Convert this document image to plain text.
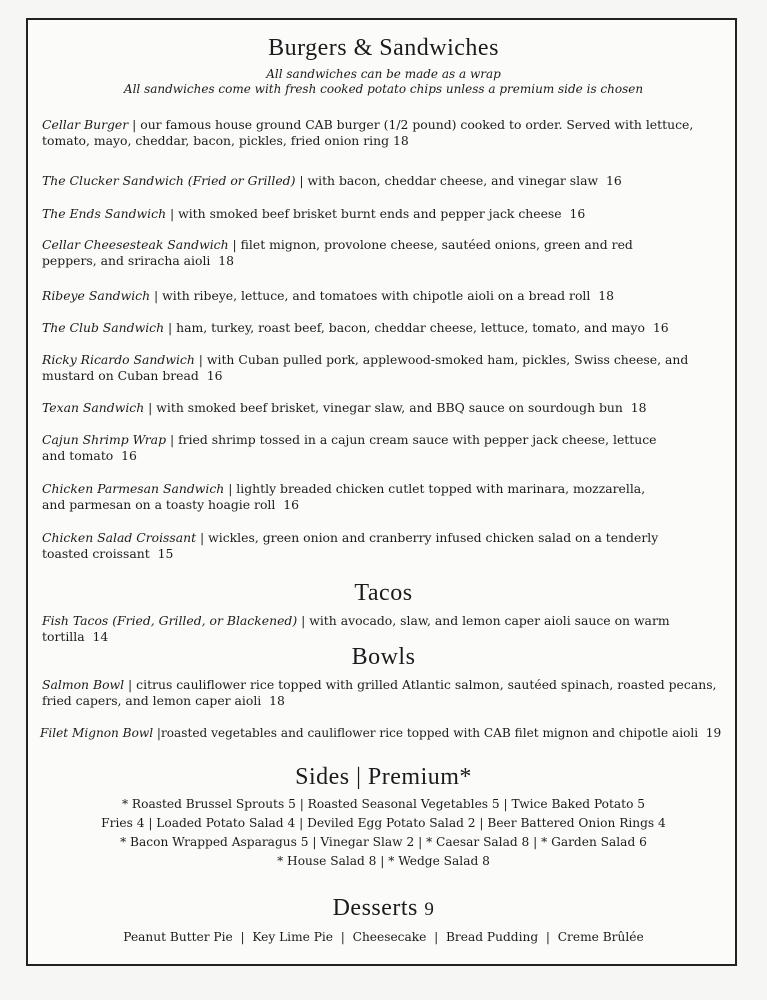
Burgers & Sandwiches

All sandwiches can be made as a wrap

All sandwiches come with fresh cooked potato chips unless a premium side is chosen

Cellar Burger | our famous house ground CAB burger (1/2 pound) cooked to order. Served with lettuce, tomato, mayo, cheddar, bacon, pickles, fried onion ring 18

The Clucker Sandwich (Fried or Grilled) | with bacon, cheddar cheese, and vinegar slaw 16

The Ends Sandwich | with smoked beef brisket burnt ends and pepper jack cheese 16

Cellar Cheesesteak Sandwich | filet mignon, provolone cheese, sautéed onions, green and red peppers, and sriracha aioli 18

Ribeye Sandwich | with ribeye, lettuce, and tomatoes with chipotle aioli on a bread roll 18

The Club Sandwich | ham, turkey, roast beef, bacon, cheddar cheese, lettuce, tomato, and mayo 16

Ricky Ricardo Sandwich | with Cuban pulled pork, applewood-smoked ham, pickles, Swiss cheese, and mustard on Cuban bread 16

Texan Sandwich | with smoked beef brisket, vinegar slaw, and BBQ sauce on sourdough bun 18

Cajun Shrimp Wrap | fried shrimp tossed in a cajun cream sauce with pepper jack cheese, lettuce and tomato 16

Chicken Parmesan Sandwich | lightly breaded chicken cutlet topped with marinara, mozzarella, and parmesan on a toasty hoagie roll 16

Chicken Salad Croissant | wickles, green onion and cranberry infused chicken salad on a tenderly toasted croissant 15

Tacos

Fish Tacos (Fried, Grilled, or Blackened) | with avocado, slaw, and lemon caper aioli sauce on warm tortilla 14

Bowls

Salmon Bowl | citrus cauliflower rice topped with grilled Atlantic salmon, sautéed spinach, roasted pecans, fried capers, and lemon caper aioli 18

Filet Mignon Bowl |roasted vegetables and cauliflower rice topped with CAB filet mignon and chipotle aioli 19

Sides | Premium*

* Roasted Brussel Sprouts 5 | Roasted Seasonal Vegetables 5 | Twice Baked Potato 5

Fries 4 | Loaded Potato Salad 4 | Deviled Egg Potato Salad 2 | Beer Battered Onion Rings 4

* Bacon Wrapped Asparagus 5 | Vinegar Slaw 2 | * Caesar Salad 8 | * Garden Salad 6

* House Salad 8 | * Wedge Salad 8

Desserts 9

Peanut Butter Pie  |  Key Lime Pie  |  Cheesecake  |  Bread Pudding  |  Creme Brûlée
